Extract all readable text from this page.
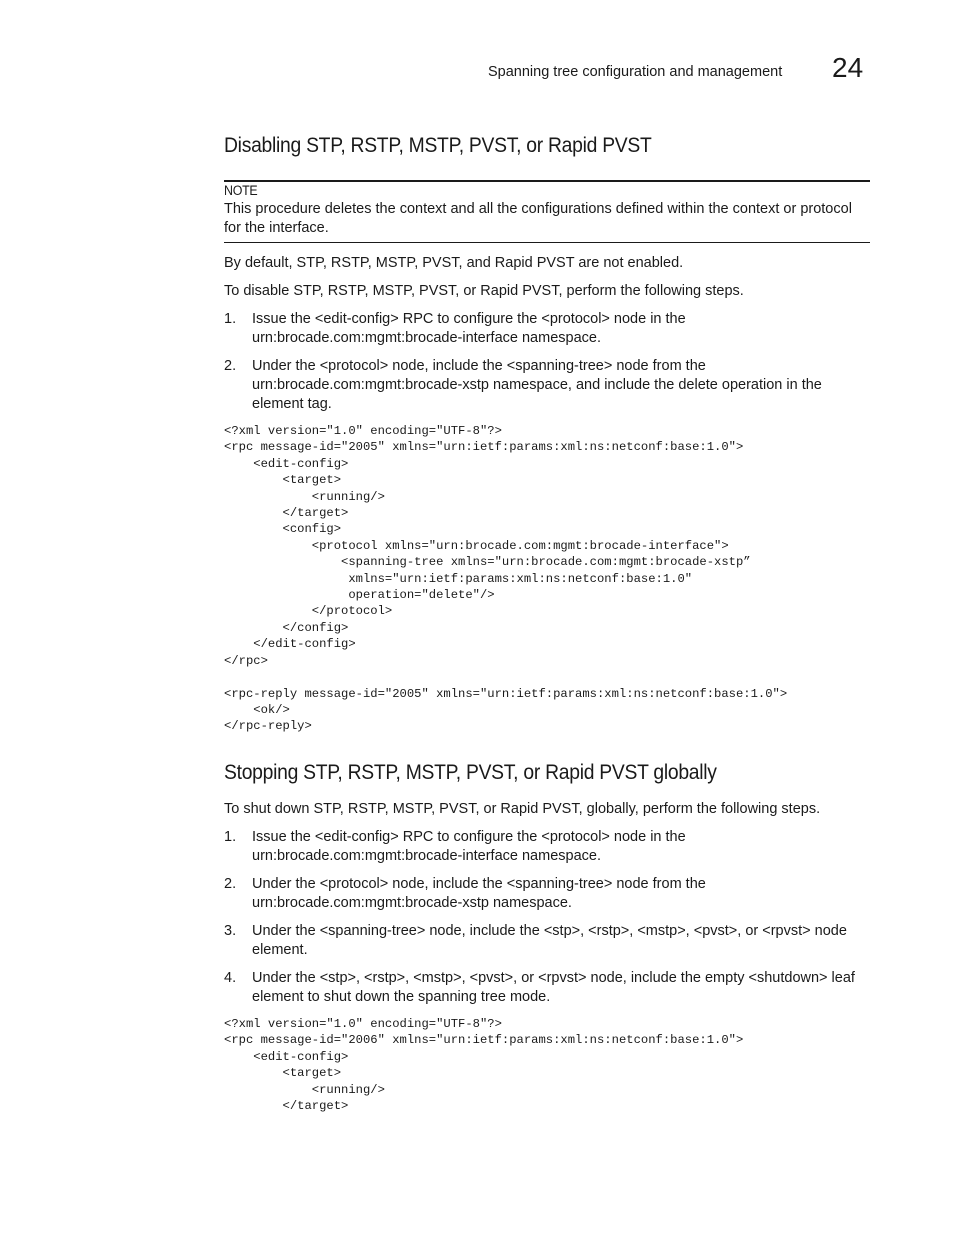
Spanning tree configuration and management 24
Disabling STP, RSTP, MSTP, PVST, or Rapid PVST
NOTE
This procedure deletes the context and all the configurations defined within the context or protocol for the interface.
By default, STP, RSTP, MSTP, PVST, and Rapid PVST are not enabled.
To disable STP, RSTP, MSTP, PVST, or Rapid PVST, perform the following steps.
1. Issue the <edit-config> RPC to configure the <protocol> node in the urn:brocade.com:mgmt:brocade-interface namespace.
2. Under the <protocol> node, include the <spanning-tree> node from the urn:brocade.com:mgmt:brocade-xstp namespace, and include the delete operation in the element tag.
<?xml version="1.0" encoding="UTF-8"?>
<rpc message-id="2005" xmlns="urn:ietf:params:xml:ns:netconf:base:1.0">
<edit-config>
<target>
<running/>
</target>
<config>
<protocol xmlns="urn:brocade.com:mgmt:brocade-interface">
<spanning-tree xmlns="urn:brocade.com:mgmt:brocade-xstp”
xmlns="urn:ietf:params:xml:ns:netconf:base:1.0"
operation="delete"/>
</protocol>
</config>
</edit-config>
</rpc>

<rpc-reply message-id="2005" xmlns="urn:ietf:params:xml:ns:netconf:base:1.0">
<ok/>
</rpc-reply>
Stopping STP, RSTP, MSTP, PVST, or Rapid PVST globally
To shut down STP, RSTP, MSTP, PVST, or Rapid PVST, globally, perform the following steps.
1. Issue the <edit-config> RPC to configure the <protocol> node in the urn:brocade.com:mgmt:brocade-interface namespace.
2. Under the <protocol> node, include the <spanning-tree> node from the urn:brocade.com:mgmt:brocade-xstp namespace.
3. Under the <spanning-tree> node, include the <stp>, <rstp>, <mstp>, <pvst>, or <rpvst> node element.
4. Under the <stp>, <rstp>, <mstp>, <pvst>, or <rpvst> node, include the empty <shutdown> leaf element to shut down the spanning tree mode.
<?xml version="1.0" encoding="UTF-8"?>
<rpc message-id="2006" xmlns="urn:ietf:params:xml:ns:netconf:base:1.0">
<edit-config>
<target>
<running/>
</target>
